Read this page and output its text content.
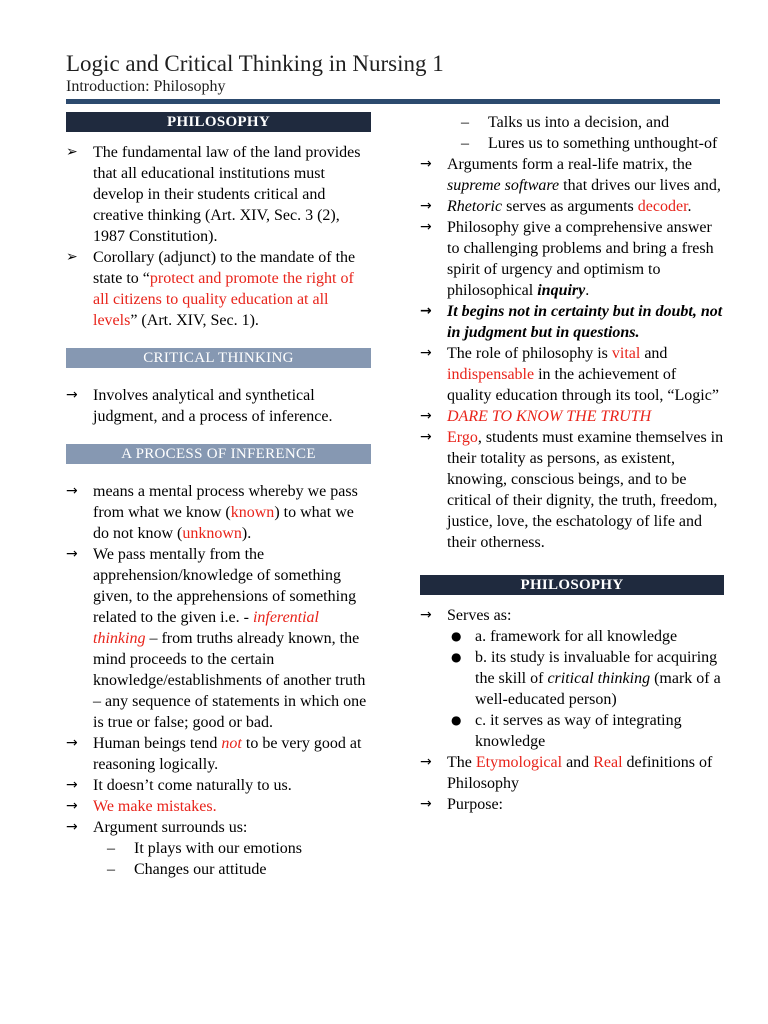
Logic and Critical Thinking in Nursing 1
Introduction: Philosophy
PHILOSOPHY
➢ The fundamental law of the land provides that all educational institutions must develop in their students critical and creative thinking (Art. XIV, Sec. 3 (2), 1987 Constitution).
➢ Corollary (adjunct) to the mandate of the state to “protect and promote the right of all citizens to quality education at all levels” (Art. XIV, Sec. 1).
CRITICAL THINKING
→ Involves analytical and synthetical judgment, and a process of inference.
A PROCESS OF INFERENCE
→ means a mental process whereby we pass from what we know (known) to what we do not know (unknown).
→ We pass mentally from the apprehension/knowledge of something given, to the apprehensions of something related to the given i.e. - inferential thinking – from truths already known, the mind proceeds to the certain knowledge/establishments of another truth – any sequence of statements in which one is true or false; good or bad.
→ Human beings tend not to be very good at reasoning logically.
→ It doesn’t come naturally to us.
→ We make mistakes.
→ Argument surrounds us:
– It plays with our emotions
– Changes our attitude
– Talks us into a decision, and
– Lures us to something unthought-of
→ Arguments form a real-life matrix, the supreme software that drives our lives and,
→ Rhetoric serves as arguments decoder.
→ Philosophy give a comprehensive answer to challenging problems and bring a fresh spirit of urgency and optimism to philosophical inquiry.
→ It begins not in certainty but in doubt, not in judgment but in questions.
→ The role of philosophy is vital and indispensable in the achievement of quality education through its tool, “Logic”
→ DARE TO KNOW THE TRUTH
→ Ergo, students must examine themselves in their totality as persons, as existent, knowing, conscious beings, and to be critical of their dignity, the truth, freedom, justice, love, the eschatology of life and their otherness.
PHILOSOPHY
→ Serves as:
● a. framework for all knowledge
● b. its study is invaluable for acquiring the skill of critical thinking (mark of a well-educated person)
● c. it serves as way of integrating knowledge
→ The Etymological and Real definitions of Philosophy
→ Purpose:
